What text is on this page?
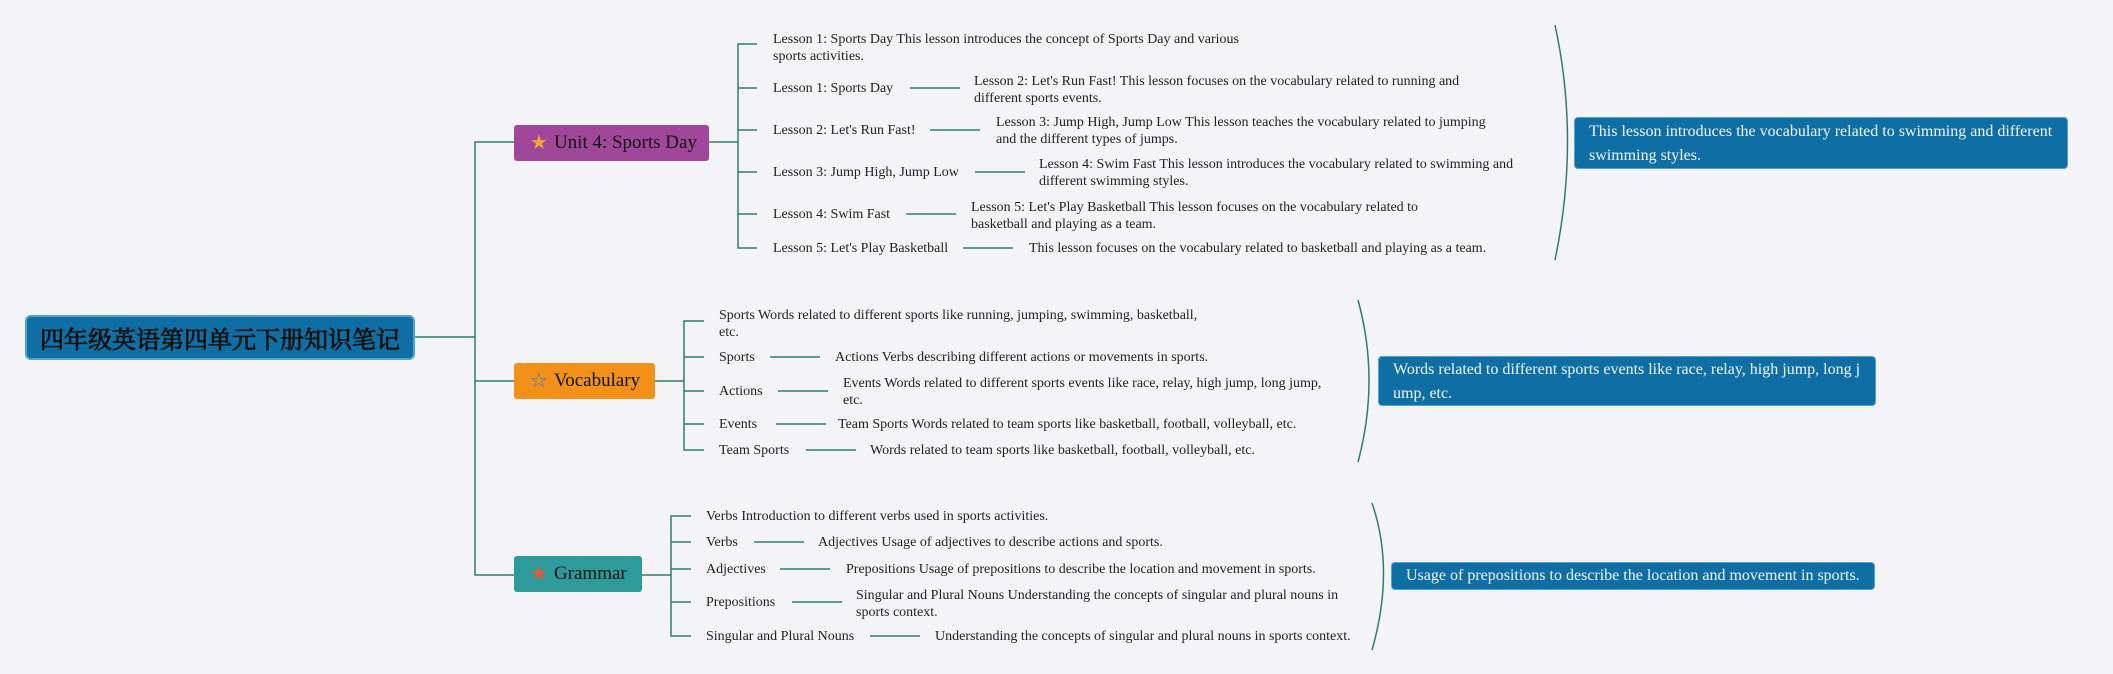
四年级英语第四单元下册知识笔记
★ Unit 4: Sports Day
Lesson 1: Sports Day This lesson introduces the concept of Sports Day and various sports activities.
Lesson 1: Sports Day	Lesson 2: Let's Run Fast! This lesson focuses on the vocabulary related to running and different sports events.
Lesson 2: Let's Run Fast!
Lesson 3: Jump High, Jump Low This lesson teaches the vocabulary related to jumping and the different types of jumps.
Lesson 3: Jump High, Jump Low
Lesson 4: Swim Fast This lesson introduces the vocabulary related to swimming and different swimming styles.
Lesson 4: Swim Fast	Lesson 5: Let's Play Basketball This lesson focuses on the vocabulary related to basketball and playing as a team.
Lesson 5: Let's Play Basketball	This lesson focuses on the vocabulary related to basketball and playing as a team.
This lesson introduces the vocabulary related to swimming and different swimming styles.
☆ Vocabulary
Sports Words related to different sports like running, jumping, swimming, basketball, etc.
Sports	Actions Verbs describing different actions or movements in sports.
Actions
Events Words related to different sports events like race, relay, high jump, long jump, etc.
Events	Team Sports Words related to team sports like basketball, football, volleyball, etc.
Team Sports	Words related to team sports like basketball, football, volleyball, etc.
Words related to different sports events like race, relay, high jump, long j ump, etc.
★ Grammar
Verbs Introduction to different verbs used in sports activities.
Verbs	Adjectives Usage of adjectives to describe actions and sports.
Adjectives	Prepositions Usage of prepositions to describe the location and movement in sports.
Prepositions	Singular and Plural Nouns Understanding the concepts of singular and plural nouns in sports context.
Singular and Plural Nouns	Understanding the concepts of singular and plural nouns in sports context.
Usage of prepositions to describe the location and movement in sports.
